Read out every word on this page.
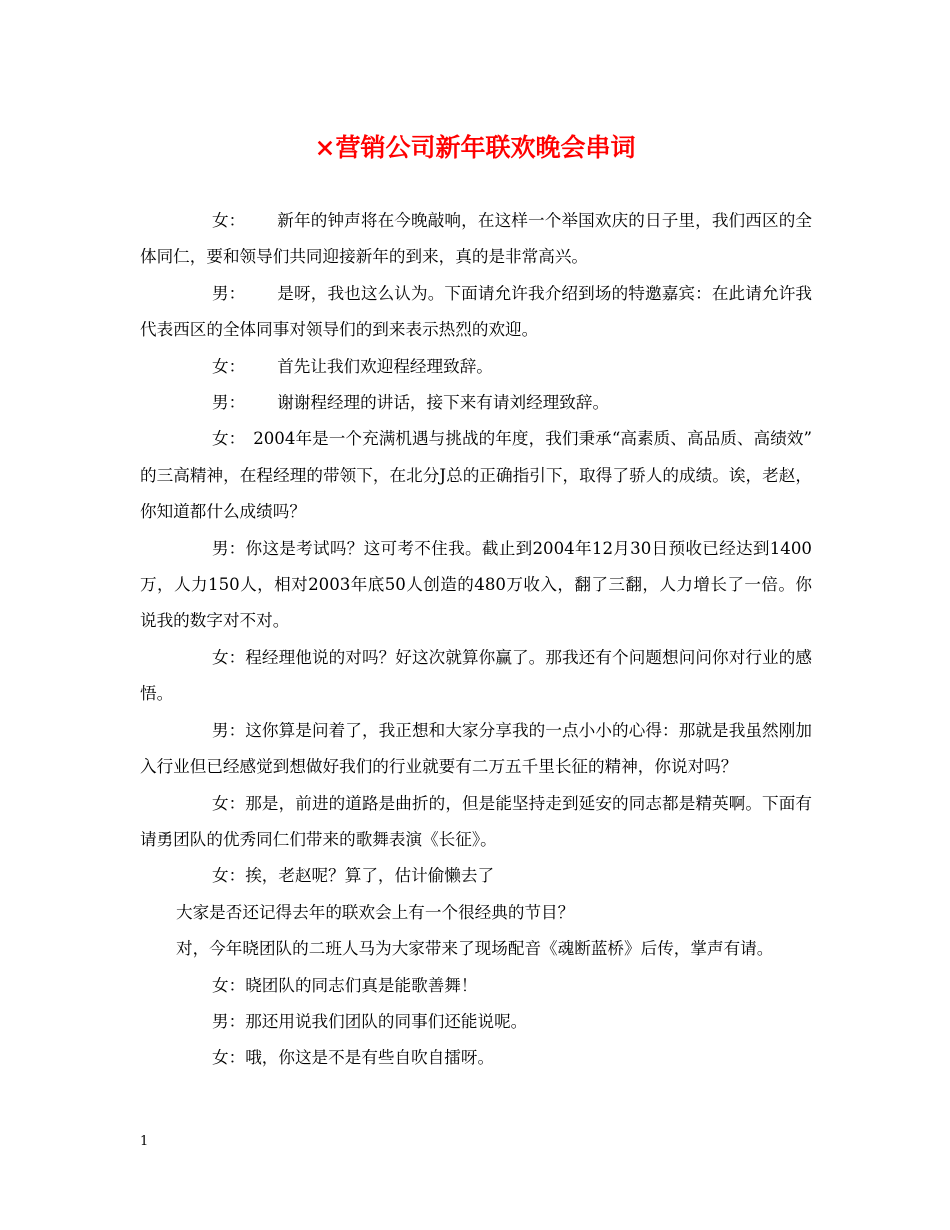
×营销公司新年联欢晚会串词

女： 新年的钟声将在今晚敲响，在这样一个举国欢庆的日子里，我们西区的全体同仁，要和领导们共同迎接新年的到来，真的是非常高兴。

男： 是呀，我也这么认为。下面请允许我介绍到场的特邀嘉宾：在此请允许我代表西区的全体同事对领导们的到来表示热烈的欢迎。

女： 首先让我们欢迎程经理致辞。

男： 谢谢程经理的讲话，接下来有请刘经理致辞。

女： 2004年是一个充满机遇与挑战的年度，我们秉承“高素质、高品质、高绩效” 的三高精神，在程经理的带领下，在北分J总的正确指引下，取得了骄人的成绩。诶，老赵，你知道都什么成绩吗？

男：你这是考试吗？这可考不住我。截止到2004年12月30日预收已经达到1400万，人力150人，相对2003年底50人创造的480万收入，翻了三翻，人力增长了一倍。你说我的数字对不对。

女：程经理他说的对吗？好这次就算你赢了。那我还有个问题想问问你对行业的感悟。

男：这你算是问着了，我正想和大家分享我的一点小小的心得：那就是我虽然刚加入行业但已经感觉到想做好我们的行业就要有二万五千里长征的精神，你说对吗？

女：那是，前进的道路是曲折的，但是能坚持走到延安的同志都是精英啊。下面有请勇团队的优秀同仁们带来的歌舞表演《长征》。

女：挨，老赵呢？算了，估计偷懒去了

大家是否还记得去年的联欢会上有一个很经典的节目？

对，今年晓团队的二班人马为大家带来了现场配音《魂断蓝桥》后传，掌声有请。

女：晓团队的同志们真是能歌善舞！

男：那还用说我们团队的同事们还能说呢。

女：哦，你这是不是有些自吹自擂呀。

1
